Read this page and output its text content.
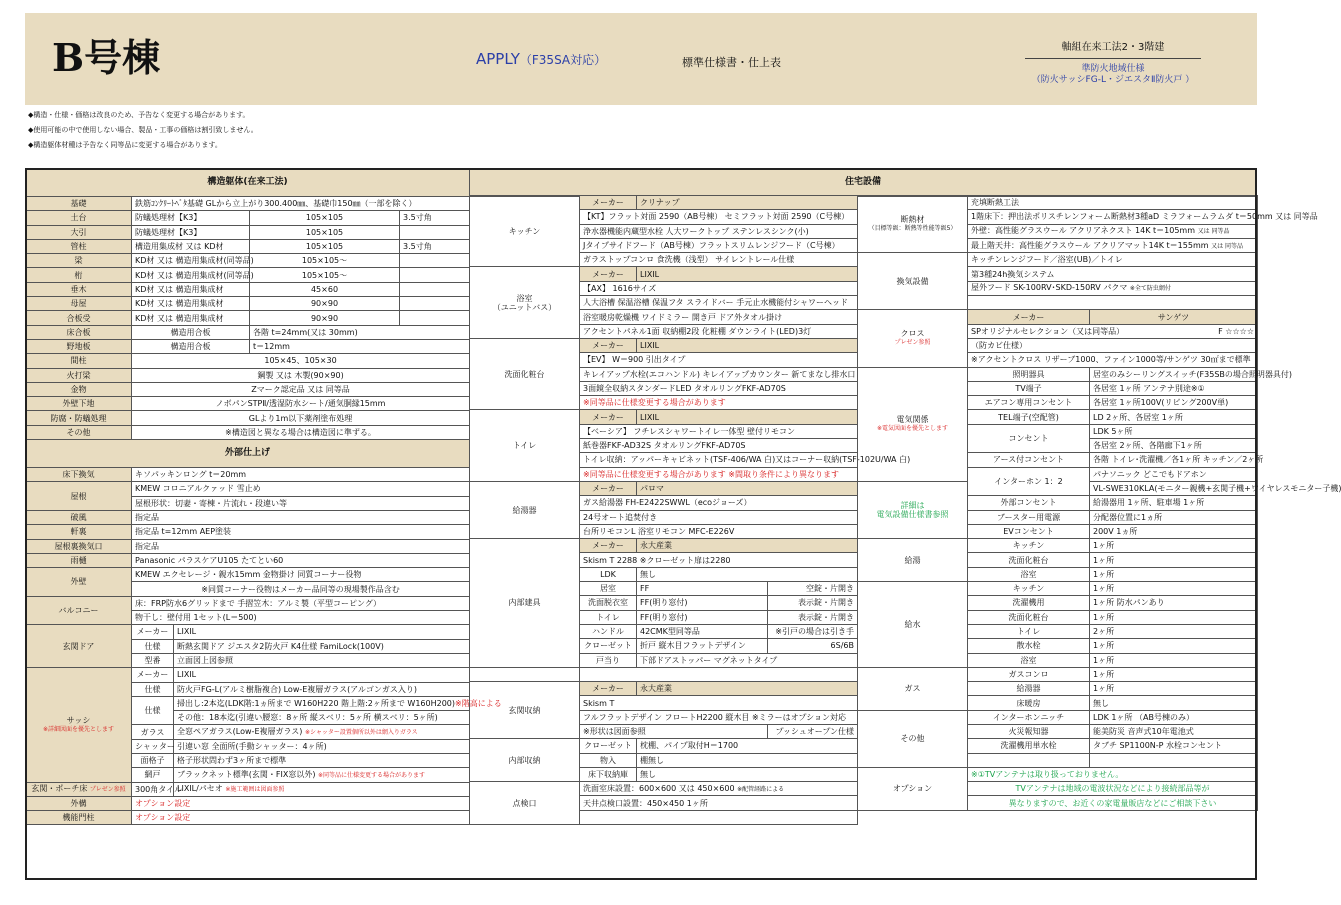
B号棟	APPLY（F35SA対応）	標準仕様書・仕上表
軸組在来工法2・3階建
準防火地域仕様
（防火サッシFG-L・ジエスタⅡ防火戸 ）
◆構造・仕様・価格は改良のため、予告なく変更する場合があります。
◆使用可能の中で使用しない場合、製品・工事の価格は割引致しません。
◆構造躯体材種は予告なく同等品に変更する場合があります。
構造躯体(在来工法)				
基礎	鉄筋ｺﾝｸﾘｰﾄﾍﾞﾀ基礎 GLから立上がり300.400㎜、基礎巾150㎜（一部を除く）			
土台	防蟻処理材【K3】		105×105	3.5寸角
大引	防蟻処理材【K3】		105×105	
管柱	構造用集成材 又は KD材		105×105	3.5寸角
梁	KD材 又は 構造用集成材(同等品)		105×105～	
桁	KD材 又は 構造用集成材(同等品)		105×105～	
垂木	KD材 又は 構造用集成材		45×60	
母屋	KD材 又は 構造用集成材		90×90	
合板受	KD材 又は 構造用集成材		90×90	
床合板	構造用合板		各階 t=24mm(又は 30mm)	
野地板	構造用合板		t＝12mm	
間柱	105×45、105×30			
火打梁	鋼製 又は 木製(90×90)			
金物	Zマーク認定品 又は 同等品			
外壁下地	ノボパンSTPⅡ/透湿防水シート/通気胴縁15mm			
防腐・防蟻処理	GLより1m以下薬剤塗布処理			
その他	※構造図と異なる場合は構造図に準ずる。			
外部仕上げ				
床下換気	キソパッキンロング t＝20mm			
屋根	KMEW コロニアルクァッド 雪止め			
	屋根形状：切妻・寄棟・片流れ・段違い等			
破風	指定品			
軒裏	指定品 t=12mm AEP塗装			
屋根裏換気口	指定品			
雨樋	Panasonic パラスケアU105 たてとい60			
外壁	KMEW エクセレージ・親水15mm 金物掛け 同質コーナー役物			
	※同質コーナー役物はメーカー品同等の現場製作品含む			
バルコニー	床：FRP防水6グリッドまで 手摺笠木：アルミ製（平型コーピング）			
	物干し：壁付用 1セット(L＝500)			
玄関ドア	メーカー	LIXIL		
	仕様	断熱玄関ドア ジエスタ2防火戸 K4仕様 FamiLock(100V)		
	型番	立面図上図参照		

サッシ
※詳細図面を優先とします	メーカー	LIXIL		
	仕様	防火戸FG-L(アルミ樹脂複合) Low-E複層ガラス(アルゴンガス入り)		
	仕様	掃出し:2本迄(LDK階:1ヵ所まで W160H220 階上階:2ヶ所まで W160H200)※階高による		
		その他：18本迄(引違い腰窓：8ヶ所 縦スベリ：5ヶ所 横スベリ：5ヶ所)		
	ガラス	全窓ペアガラス(Low-E複層ガラス) ※シャッター設置個所以外は網入りガラス		
	シャッター	引違い窓 全面所(手動シャッター：4ヶ所)		
	面格子	格子形状問わず3ヶ所まで標準		
	網戸	ブラックネット標準(玄関・FIX窓以外) ※同等品に仕様変更する場合があります		
玄関・ポーチ床 プレゼン参照	300角タイル	LIXIL/パセオ ※施工範囲は図面参照		
外構	オプション設定			
機能門柱	オプション設定			
住宅設備
キッチン	メーカー	クリナップ	
	【KT】フラット対面 2590（AB号棟） セミフラット対面 2590（C号棟）		
	浄水器機能内蔵型水栓 人大ワークトップ ステンレスシンク(小)		
	Jタイプサイドフード（AB号棟）フラットスリムレンジフード（C号棟）		
	ガラストップコンロ 食洗機（浅型） サイレントレール仕様		

浴室
（ユニットバス）	メーカー	LIXIL	
	【AX】 1616サイズ		
	人大浴槽 保温浴槽 保温フタ スライドバー 手元止水機能付シャワーヘッド		
	浴室暖房乾燥機 ワイドミラー 開き戸 ドア外タオル掛け		
	アクセントパネル1面 収納棚2段 化粧棚 ダウンライト(LED)3灯		
洗面化粧台	メーカー	LIXIL	
	【EV】 W＝900 引出タイプ		
	キレイアップ水栓(エコハンドル) キレイアップカウンター 新てまなし排水口		
	3面鏡全収納スタンダードLED タオルリングFKF-AD70S		
	※同等品に仕様変更する場合があります		
トイレ	メーカー	LIXIL	
	【ベーシア】 フチレスシャワートイレ一体型 壁付リモコン		
	紙巻器FKF-AD32S タオルリングFKF-AD70S		
	トイレ収納：アッパーキャビネット(TSF-406/WA 白)又はコーナー収納(TSF-102U/WA 白)		
	※同等品に仕様変更する場合があります ※間取り条件により異なります		
給湯器	メーカー	パロマ	
	ガス給湯器 FH-E2422SWWL（ecoジョーズ）		
	24号オート追焚付き		
	台所リモコンL 浴室リモコン MFC-E226V		
内部建具	メーカー	永大産業	
	Skism T 2288 ※クローゼット扉は2280		
	LDK	無し	
	居室	FF	空錠・片開き
	洗面脱衣室	FF(明り窓付)	表示錠・片開き
	トイレ	FF(明り窓付)	表示錠・片開き
	ハンドル	42CMK型同等品	※引戸の場合は引き手
	クローゼット	折戸 縦木目フラットデザイン	6S/6B
	戸当り	下部ドアストッパー マグネットタイプ	

玄関収納	メーカー	永大産業	
	Skism T		
	フルフラットデザイン フロートH2200 縦木目 ※ミラーはオプション対応		
	※形状は図面参照		プッシュオープン仕様
内部収納	クローゼット	枕棚、パイプ取付H＝1700	
	物入	棚無し	
	床下収納庫	無し	
点検口	洗面室床設置：600×600 又は 450×600 ※配管経路による		
	天井点検口設置：450×450 1ヶ所		

断熱材
（目標等級：断熱等性能等級5）	充填断熱工法	
	1階床下：押出法ポリスチレンフォーム断熱材3種aD ミラフォームラムダ t＝50mm 又は 同等品	
	外壁：高性能グラスウール アクリアネクスト 14K t＝105mm 又は 同等品	
	最上階天井：高性能グラスウール アクリアマット14K t＝155mm 又は 同等品	
換気設備	キッチンレンジフード／浴室(UB)／トイレ	
	第3種24h換気システム	
	屋外フード SK-100RV･SKD-150RV パクマ ※全て防虫網付	

クロス
プレゼン参照	メーカー	サンゲツ
	SPオリジナルセレクション（又は同等品） F ☆☆☆☆	

	（防カビ仕様）	
	※アクセントクロス リザーブ1000、ファイン1000等/サンゲツ 30㎡まで標準	

電気関係
※電気図面を優先とします	照明器具	居室のみシーリングスイッチ(F35SBの場合照明器具付)
	TV端子	各居室 1ヶ所 アンテナ別途※①
	エアコン専用コンセント	各居室 1ヶ所100V(リビング200V単)
	TEL端子(空配管)	LD 2ヶ所、各居室 1ヶ所
	コンセント	LDK 5ヶ所
		各居室 2ヶ所、各階廊下1ヶ所
	アース付コンセント	各階 トイレ･洗濯機／各1ヶ所 キッチン／2ヶ所
	インターホン 1：2	パナソニック どこでもドアホン

詳細は
電気設備仕様書参照		VL-SWE310KLA(モニター親機+玄関子機+ワイヤレスモニター子機)
	外部コンセント	給湯器用 1ヶ所、駐車場 1ヶ所
	ブースター用電源	分配器位置に1ヵ所
	EVコンセント	200V 1ヵ所
給湯	キッチン	1ヶ所
	洗面化粧台	1ヶ所
	浴室	1ヶ所
給水	キッチン	1ヶ所
	洗濯機用	1ヶ所 防水パンあり
	洗面化粧台	1ヶ所
	トイレ	2ヶ所
	散水栓	1ヶ所
	浴室	1ヶ所
ガス	ガスコンロ	1ヶ所
	給湯器	1ヶ所
	床暖房	無し
その他	インターホンニッチ	LDK 1ヶ所 （AB号棟のみ）
	火災報知器	能美防災 音声式10年電池式
	洗濯機用単水栓	タブチ SP1100N-P 水栓コンセント

オプション	※①TVアンテナは取り扱っておりません。	
	TVアンテナは地域の電波状況などにより接続部品等が	
	異なりますので、お近くの家電量販店などにご相談下さい	
